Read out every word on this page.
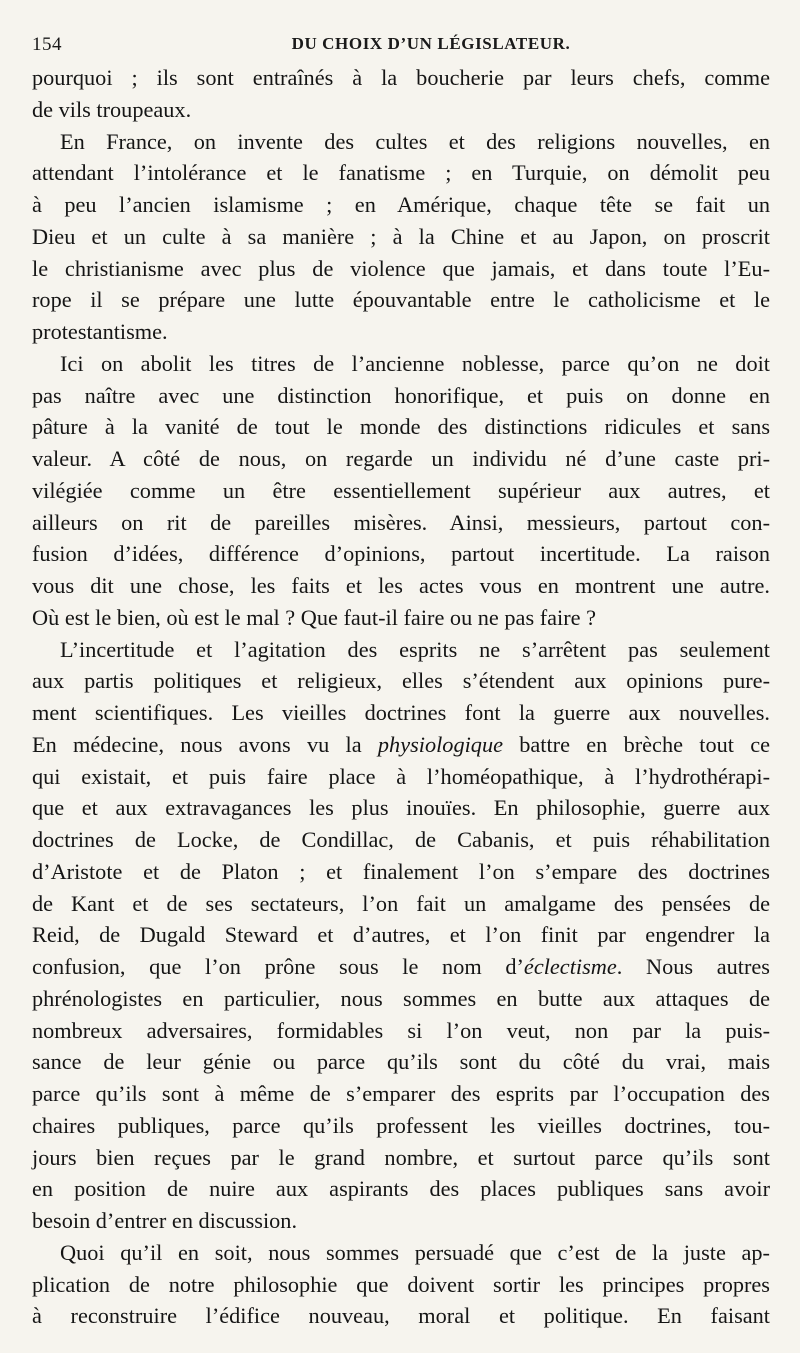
154	DU CHOIX D’UN LÉGISLATEUR.

pourquoi ; ils sont entraînés à la boucherie par leurs chefs, comme
de vils troupeaux.

En France, on invente des cultes et des religions nouvelles, en
attendant l’intolérance et le fanatisme ; en Turquie, on démolit peu
à peu l’ancien islamisme ; en Amérique, chaque tête se fait un
Dieu et un culte à sa manière ; à la Chine et au Japon, on proscrit
le christianisme avec plus de violence que jamais, et dans toute l’Eu-
rope il se prépare une lutte épouvantable entre le catholicisme et le
protestantisme.

Ici on abolit les titres de l’ancienne noblesse, parce qu’on ne doit
pas naître avec une distinction honorifique, et puis on donne en
pâture à la vanité de tout le monde des distinctions ridicules et sans
valeur. A côté de nous, on regarde un individu né d’une caste pri-
vilégiée comme un être essentiellement supérieur aux autres, et
ailleurs on rit de pareilles misères. Ainsi, messieurs, partout con-
fusion d’idées, différence d’opinions, partout incertitude. La raison
vous dit une chose, les faits et les actes vous en montrent une autre.
Où est le bien, où est le mal ? Que faut-il faire ou ne pas faire ?

L’incertitude et l’agitation des esprits ne s’arrêtent pas seulement
aux partis politiques et religieux, elles s’étendent aux opinions pure-
ment scientifiques. Les vieilles doctrines font la guerre aux nouvelles.
En médecine, nous avons vu la physiologique battre en brèche tout ce
qui existait, et puis faire place à l’homéopathique, à l’hydrothérapi-
que et aux extravagances les plus inouïes. En philosophie, guerre aux
doctrines de Locke, de Condillac, de Cabanis, et puis réhabilitation
d’Aristote et de Platon ; et finalement l’on s’empare des doctrines
de Kant et de ses sectateurs, l’on fait un amalgame des pensées de
Reid, de Dugald Steward et d’autres, et l’on finit par engendrer la
confusion, que l’on prône sous le nom d’éclectisme. Nous autres
phrénologistes en particulier, nous sommes en butte aux attaques de
nombreux adversaires, formidables si l’on veut, non par la puis-
sance de leur génie ou parce qu’ils sont du côté du vrai, mais
parce qu’ils sont à même de s’emparer des esprits par l’occupation des
chaires publiques, parce qu’ils professent les vieilles doctrines, tou-
jours bien reçues par le grand nombre, et surtout parce qu’ils sont
en position de nuire aux aspirants des places publiques sans avoir
besoin d’entrer en discussion.

Quoi qu’il en soit, nous sommes persuadé que c’est de la juste ap-
plication de notre philosophie que doivent sortir les principes propres
à reconstruire l’édifice nouveau, moral et politique. En faisant
